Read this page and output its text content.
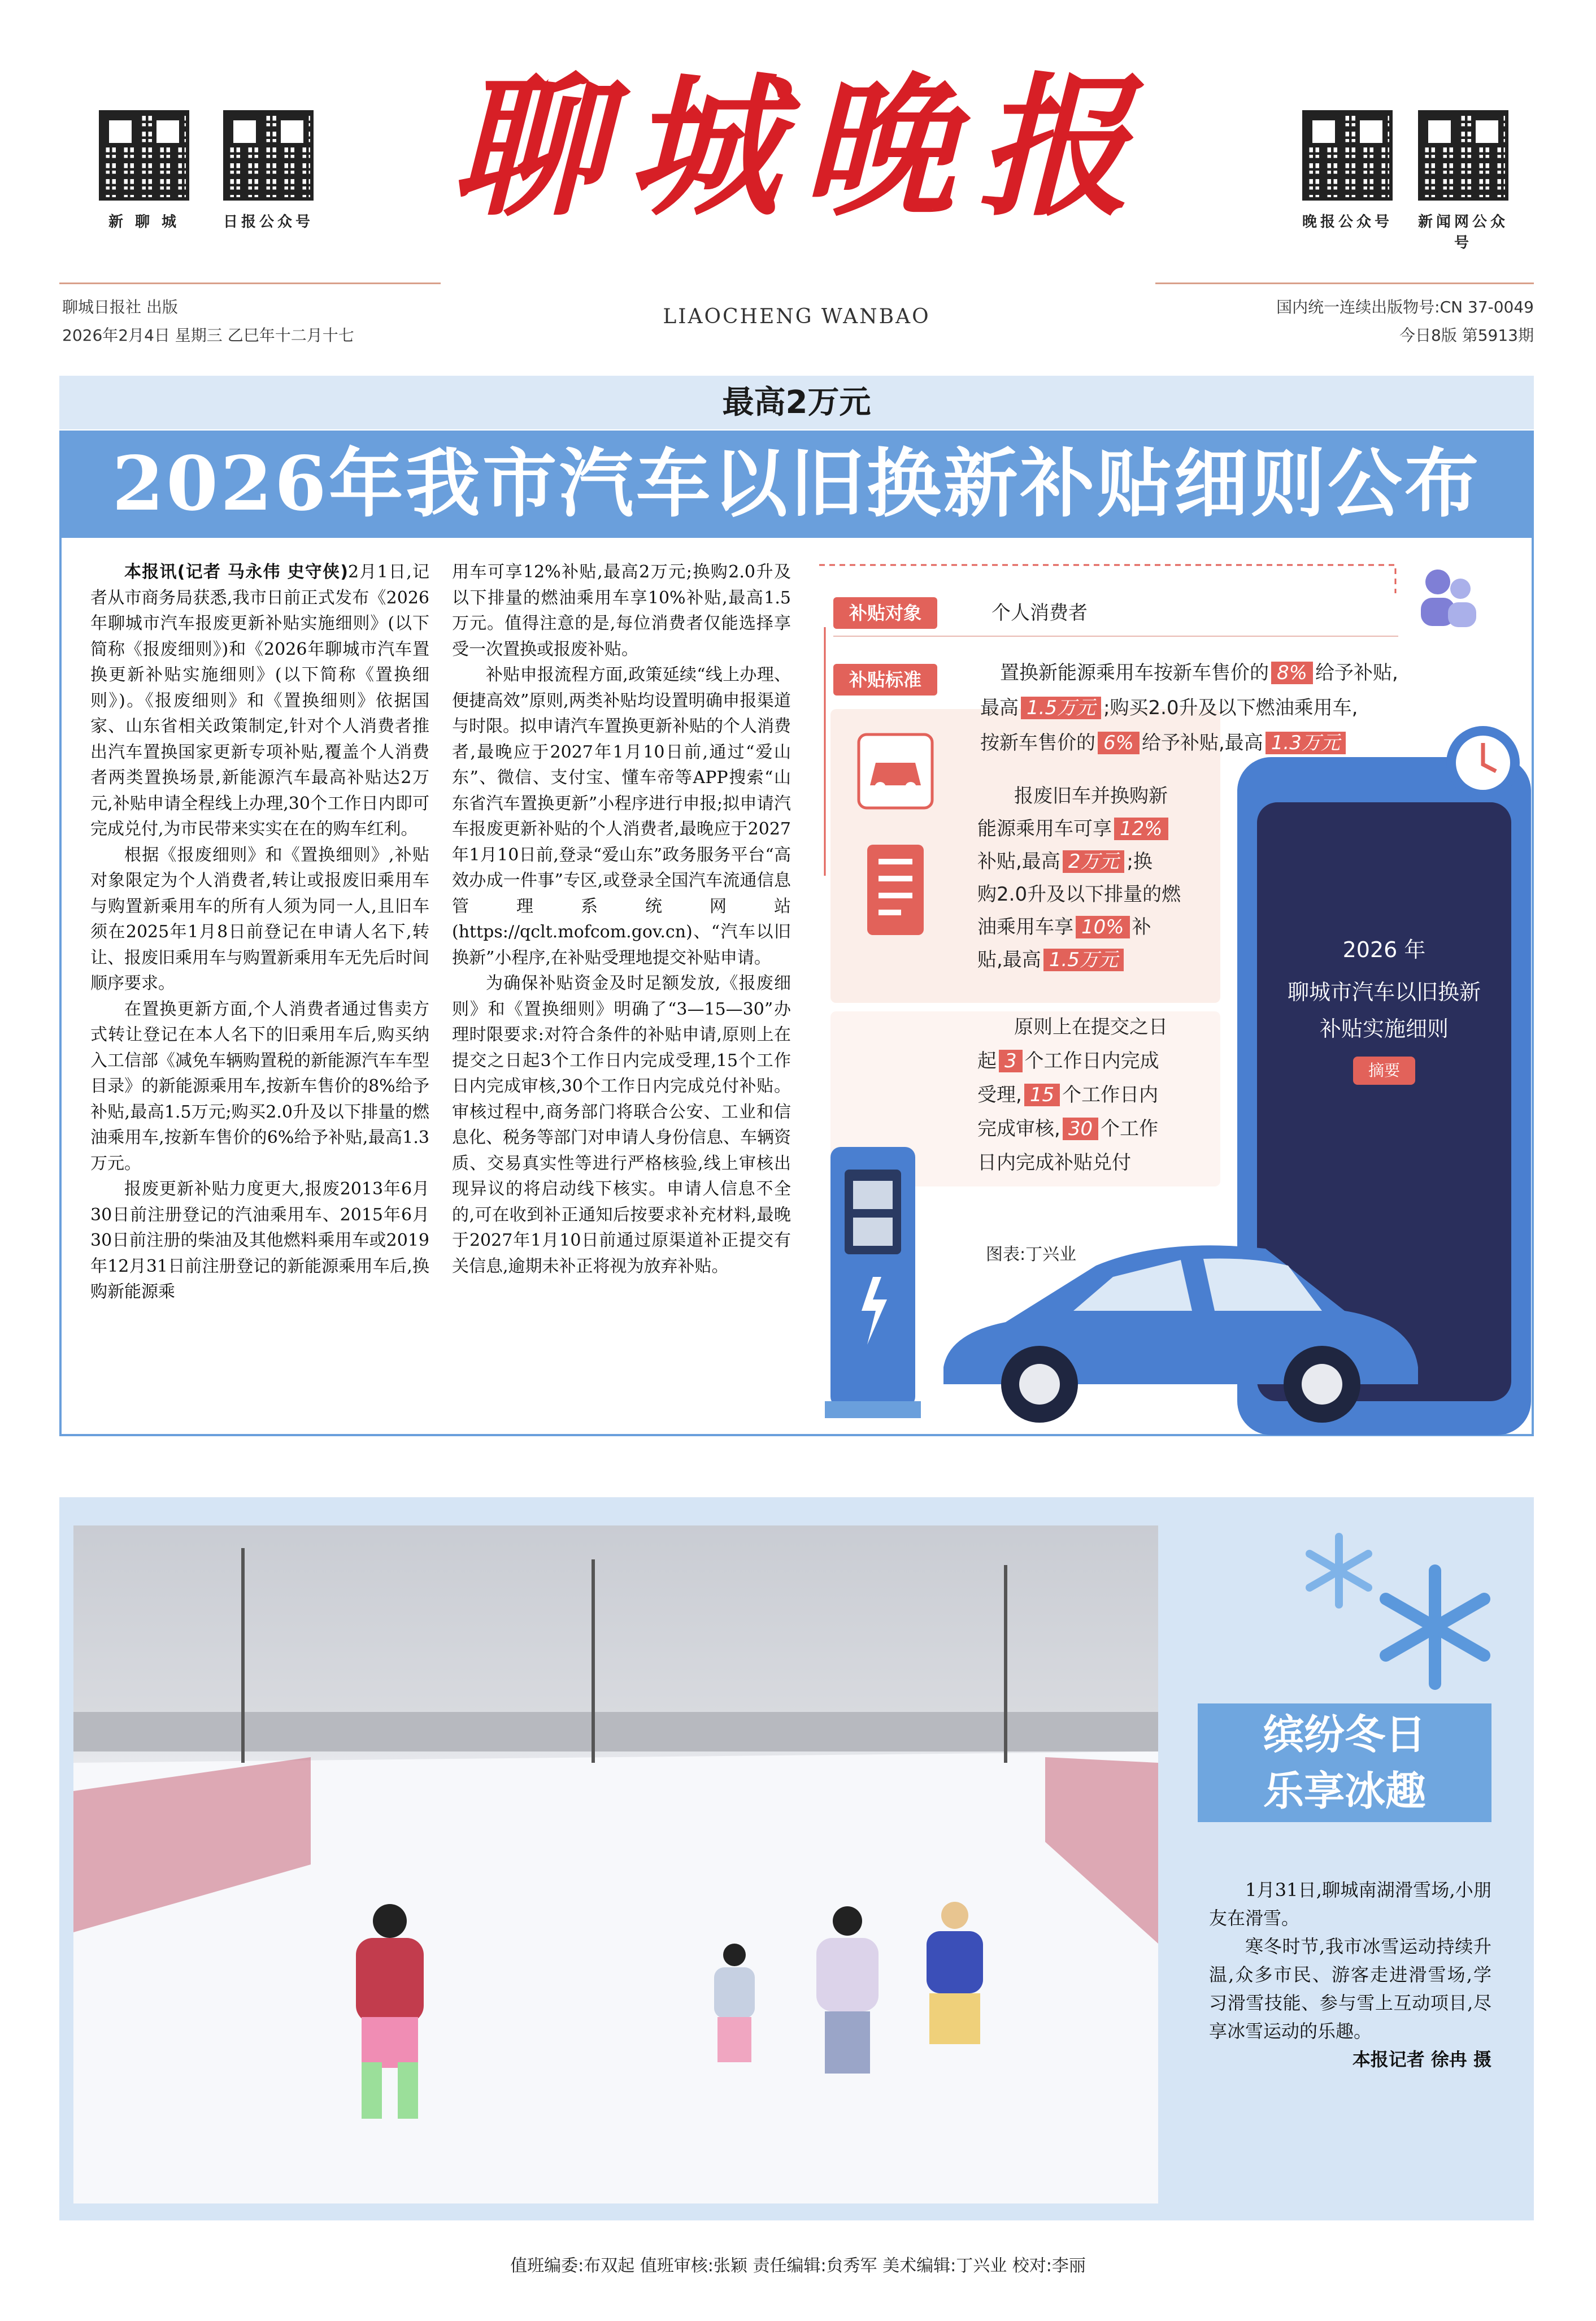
新 聊 城	日报公众号	晚报公众号	新闻网公众号
聊城晚报
聊城日报社 出版
2026年2月4日 星期三 乙巳年十二月十七
LIAOCHENG WANBAO	国内统一连续出版物号:CN 37-0049
今日8版 第5913期
最高2万元
2026年我市汽车以旧换新补贴细则公布

本报讯(记者 马永伟 史守侠)2月1日,记者从市商务局获悉,我市日前正式发布《2026年聊城市汽车报废更新补贴实施细则》(以下简称《报废细则》)和《2026年聊城市汽车置换更新补贴实施细则》(以下简称《置换细则》)。《报废细则》和《置换细则》依据国家、山东省相关政策制定,针对个人消费者推出汽车置换国家更新专项补贴,覆盖个人消费者两类置换场景,新能源汽车最高补贴达2万元,补贴申请全程线上办理,30个工作日内即可完成兑付,为市民带来实实在在的购车红利。

根据《报废细则》和《置换细则》,补贴对象限定为个人消费者,转让或报废旧乘用车与购置新乘用车的所有人须为同一人,且旧车须在2025年1月8日前登记在申请人名下,转让、报废旧乘用车与购置新乘用车无先后时间顺序要求。

在置换更新方面,个人消费者通过售卖方式转让登记在本人名下的旧乘用车后,购买纳入工信部《减免车辆购置税的新能源汽车车型目录》的新能源乘用车,按新车售价的8%给予补贴,最高1.5万元;购买2.0升及以下排量的燃油乘用车,按新车售价的6%给予补贴,最高1.3万元。

报废更新补贴力度更大,报废2013年6月30日前注册登记的汽油乘用车、2015年6月30日前注册的柴油及其他燃料乘用车或2019年12月31日前注册登记的新能源乘用车后,换购新能源乘

用车可享12%补贴,最高2万元;换购2.0升及以下排量的燃油乘用车享10%补贴,最高1.5万元。值得注意的是,每位消费者仅能选择享受一次置换或报废补贴。

补贴申报流程方面,政策延续“线上办理、便捷高效”原则,两类补贴均设置明确申报渠道与时限。拟申请汽车置换更新补贴的个人消费者,最晚应于2027年1月10日前,通过“爱山东”、微信、支付宝、懂车帝等APP搜索“山东省汽车置换更新”小程序进行申报;拟申请汽车报废更新补贴的个人消费者,最晚应于2027年1月10日前,登录“爱山东”政务服务平台“高效办成一件事”专区,或登录全国汽车流通信息管理系统网站(https://qclt.mofcom.gov.cn)、“汽车以旧换新”小程序,在补贴受理地提交补贴申请。

为确保补贴资金及时足额发放,《报废细则》和《置换细则》明确了“3—15—30”办理时限要求:对符合条件的补贴申请,原则上在提交之日起3个工作日内完成受理,15个工作日内完成审核,30个工作日内完成兑付补贴。审核过程中,商务部门将联合公安、工业和信息化、税务等部门对申请人身份信息、车辆资质、交易真实性等进行严格核验,线上审核出现异议的将启动线下核实。申请人信息不全的,可在收到补正通知后按要求补充材料,最晚于2027年1月10日前通过原渠道补正提交有关信息,逾期未补正将视为放弃补贴。

补贴对象	个人消费者
补贴标准	置换新能源乘用车按新车售价的 8% 给予补贴,
最高 1.5万元 ;购买2.0升及以下燃油乘用车,
按新车售价的 6% 给予补贴,最高 1.3万元
报废旧车并换购新
能源乘用车可享 12%
补贴,最高 2万元 ;换
购2.0升及以下排量的燃
油乘用车享 10% 补
贴,最高 1.5万元
原则上在提交之日
起 3 个工作日内完成
受理, 15 个工作日内
完成审核, 30 个工作
日内完成补贴兑付
2026 年
聊城市汽车以旧换新
补贴实施细则
摘要
图表:丁兴业
缤纷冬日
乐享冰趣

1月31日,聊城南湖滑雪场,小朋友在滑雪。

寒冬时节,我市冰雪运动持续升温,众多市民、游客走进滑雪场,学习滑雪技能、参与雪上互动项目,尽享冰雪运动的乐趣。

本报记者 徐冉 摄

值班编委:布双起 值班审核:张颖 责任编辑:贠秀军 美术编辑:丁兴业 校对:李丽
